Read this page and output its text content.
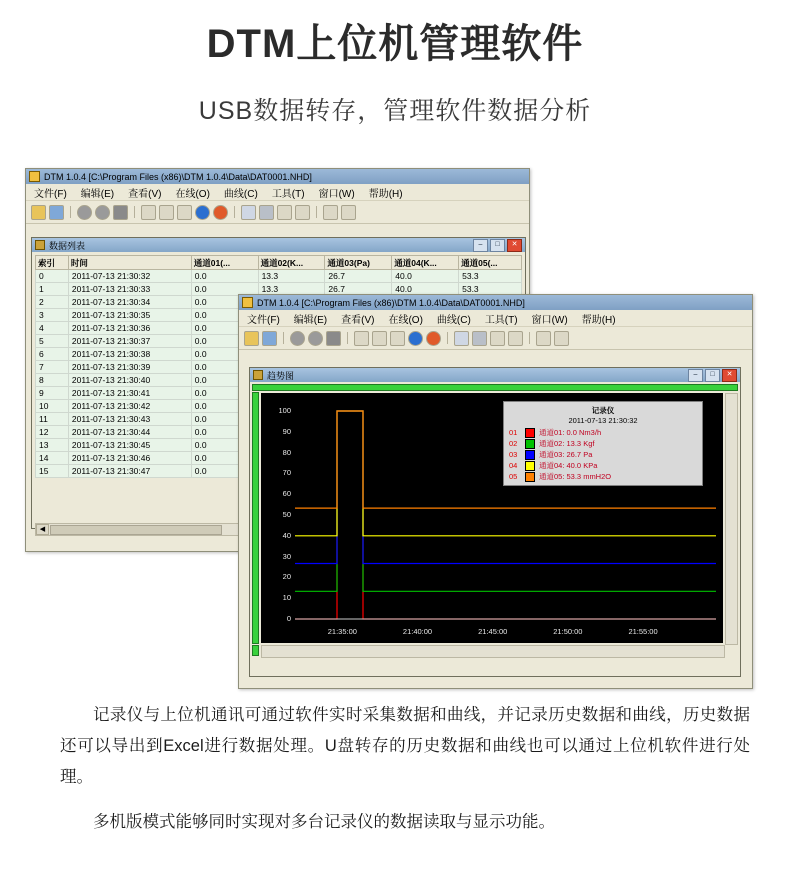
DTM上位机管理软件
USB数据转存，管理软件数据分析
DTM 1.0.4 [C:\Program Files (x86)\DTM 1.0.4\Data\DAT0001.NHD]
文件(F) 编辑(E) 查看(V) 在线(O) 曲线(C) 工具(T) 窗口(W) 帮助(H)
数据列表	–	□	✕
索引	时间	通道01(...	通道02(K...	通道03(Pa)	通道04(K...	通道05(...
0	2011-07-13 21:30:32	0.0	13.3	26.7	40.0	53.3
1	2011-07-13 21:30:33	0.0	13.3	26.7	40.0	53.3
2	2011-07-13 21:30:34	0.0				
3	2011-07-13 21:30:35	0.0				
4	2011-07-13 21:30:36	0.0				
5	2011-07-13 21:30:37	0.0				
6	2011-07-13 21:30:38	0.0				
7	2011-07-13 21:30:39	0.0				
8	2011-07-13 21:30:40	0.0				
9	2011-07-13 21:30:41	0.0				
10	2011-07-13 21:30:42	0.0				
11	2011-07-13 21:30:43	0.0				
12	2011-07-13 21:30:44	0.0				
13	2011-07-13 21:30:45	0.0				
14	2011-07-13 21:30:46	0.0				
15	2011-07-13 21:30:47	0.0				
◀
DTM 1.0.4 [C:\Program Files (x86)\DTM 1.0.4\Data\DAT0001.NHD]
文件(F) 编辑(E) 查看(V) 在线(O) 曲线(C) 工具(T) 窗口(W) 帮助(H)
趋势图	–	□	✕
0
10
20
30
40
50
60
70
80
90
100
21:35:00	21:40:00	21:45:00	21:50:00	21:55:00
记录仪
2011-07-13 21:30:32
01	通道01: 0.0 Nm3/h
02	通道02: 13.3 Kgf
03	通道03: 26.7 Pa
04	通道04: 40.0 KPa
05	通道05: 53.3 mmH2O
记录仪与上位机通讯可通过软件实时采集数据和曲线，并记录历史数据和曲线，历史数据还可以导出到Excel进行数据处理。U盘转存的历史数据和曲线也可以通过上位机软件进行处理。
多机版模式能够同时实现对多台记录仪的数据读取与显示功能。
